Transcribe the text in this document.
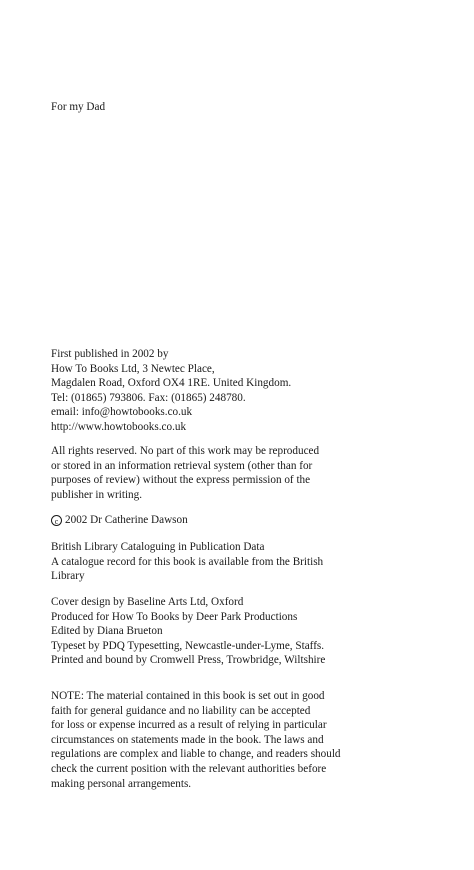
For my Dad
First published in 2002 by
How To Books Ltd, 3 Newtec Place,
Magdalen Road, Oxford OX4 1RE. United Kingdom.
Tel: (01865) 793806. Fax: (01865) 248780.
email: info@howtobooks.co.uk
http://www.howtobooks.co.uk
All rights reserved. No part of this work may be reproduced
or stored in an information retrieval system (other than for
purposes of review) without the express permission of the
publisher in writing.
c 2002 Dr Catherine Dawson
British Library Cataloguing in Publication Data
A catalogue record for this book is available from the British
Library
Cover design by Baseline Arts Ltd, Oxford
Produced for How To Books by Deer Park Productions
Edited by Diana Brueton
Typeset by PDQ Typesetting, Newcastle-under-Lyme, Staffs.
Printed and bound by Cromwell Press, Trowbridge, Wiltshire
NOTE: The material contained in this book is set out in good
faith for general guidance and no liability can be accepted
for loss or expense incurred as a result of relying in particular
circumstances on statements made in the book. The laws and
regulations are complex and liable to change, and readers should
check the current position with the relevant authorities before
making personal arrangements.
